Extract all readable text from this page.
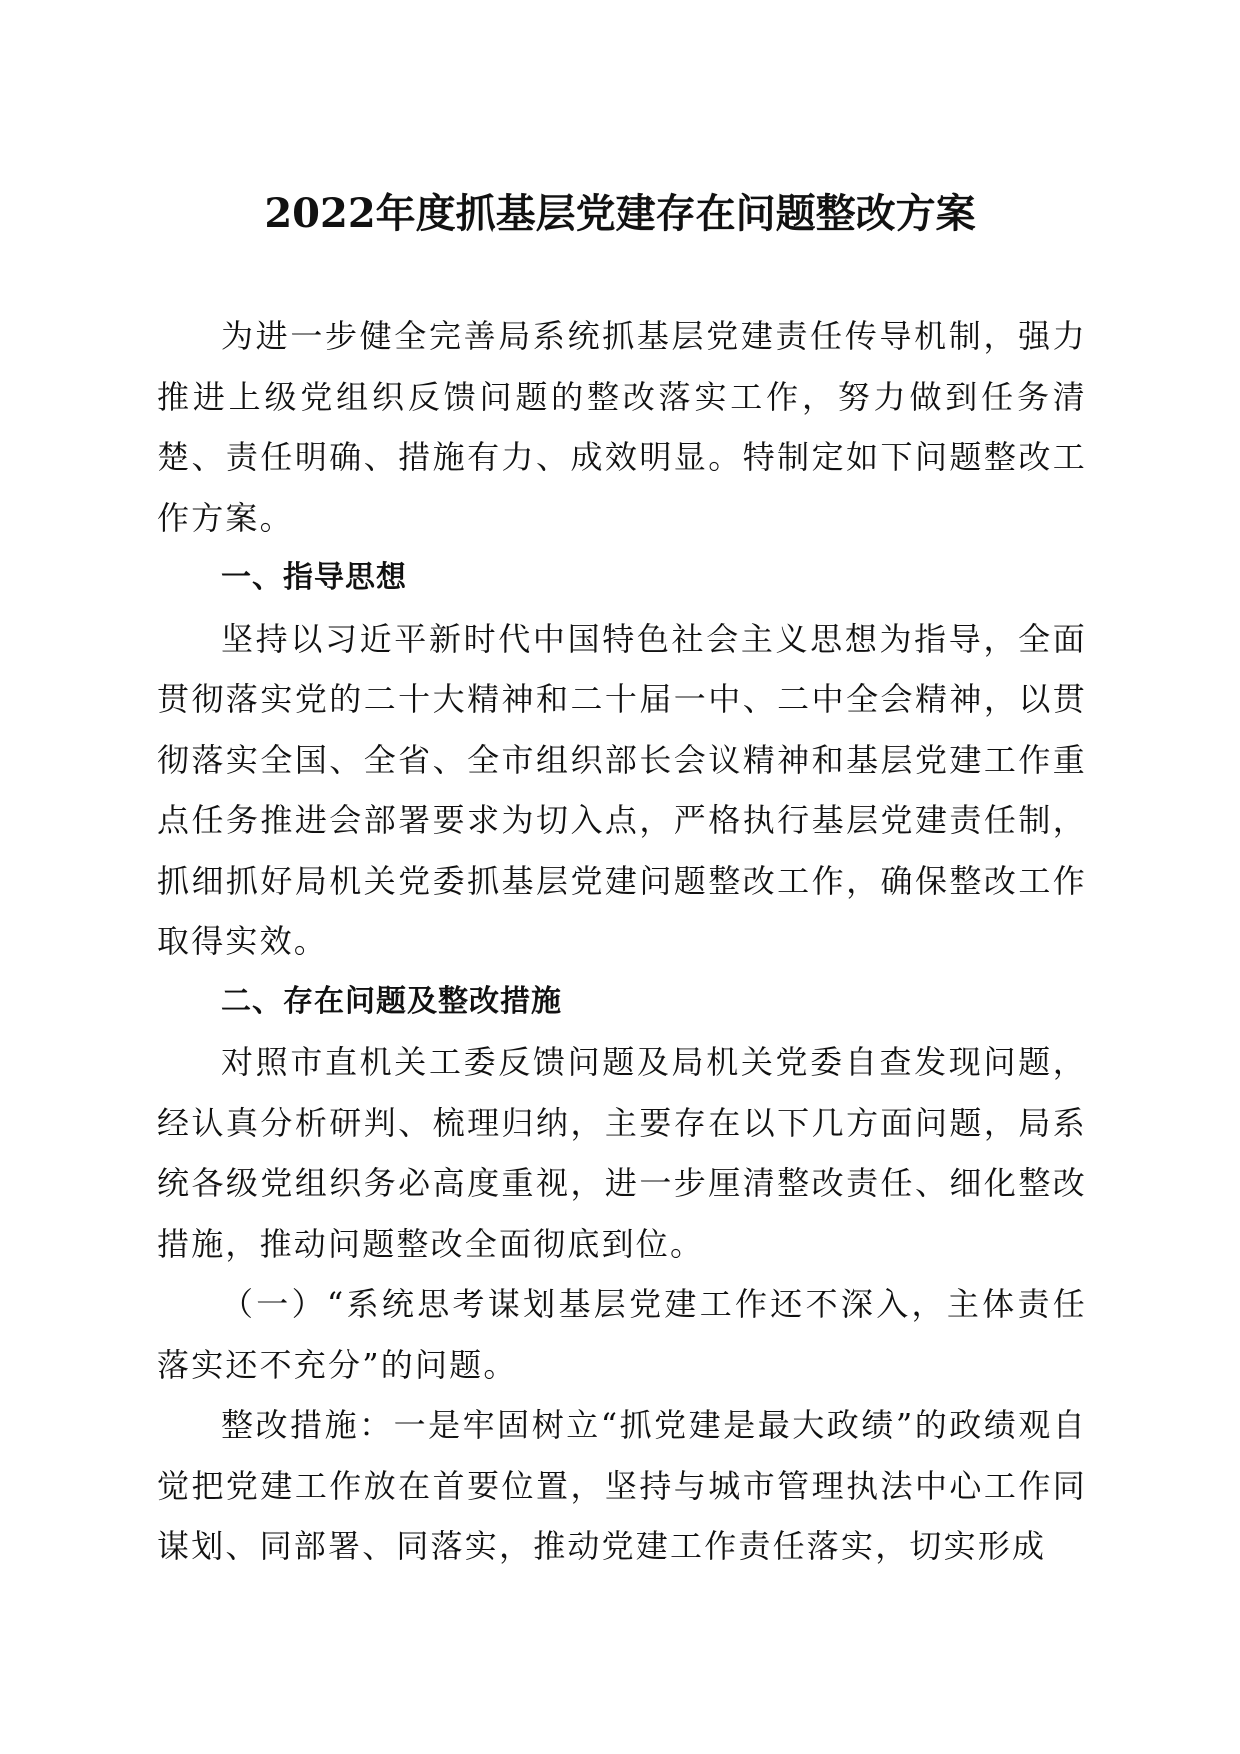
2022年度抓基层党建存在问题整改方案

为进一步健全完善局系统抓基层党建责任传导机制，强力推进上级党组织反馈问题的整改落实工作，努力做到任务清楚、责任明确、措施有力、成效明显。特制定如下问题整改工作方案。

一、指导思想

坚持以习近平新时代中国特色社会主义思想为指导，全面贯彻落实党的二十大精神和二十届一中、二中全会精神，以贯彻落实全国、全省、全市组织部长会议精神和基层党建工作重点任务推进会部署要求为切入点，严格执行基层党建责任制，抓细抓好局机关党委抓基层党建问题整改工作，确保整改工作取得实效。

二、存在问题及整改措施

对照市直机关工委反馈问题及局机关党委自查发现问题，经认真分析研判、梳理归纳，主要存在以下几方面问题，局系统各级党组织务必高度重视，进一步厘清整改责任、细化整改措施，推动问题整改全面彻底到位。

（一）“系统思考谋划基层党建工作还不深入，主体责任落实还不充分”的问题。

整改措施：一是牢固树立“抓党建是最大政绩”的政绩观自觉把党建工作放在首要位置，坚持与城市管理执法中心工作同谋划、同部署、同落实，推动党建工作责任落实，切实形成
